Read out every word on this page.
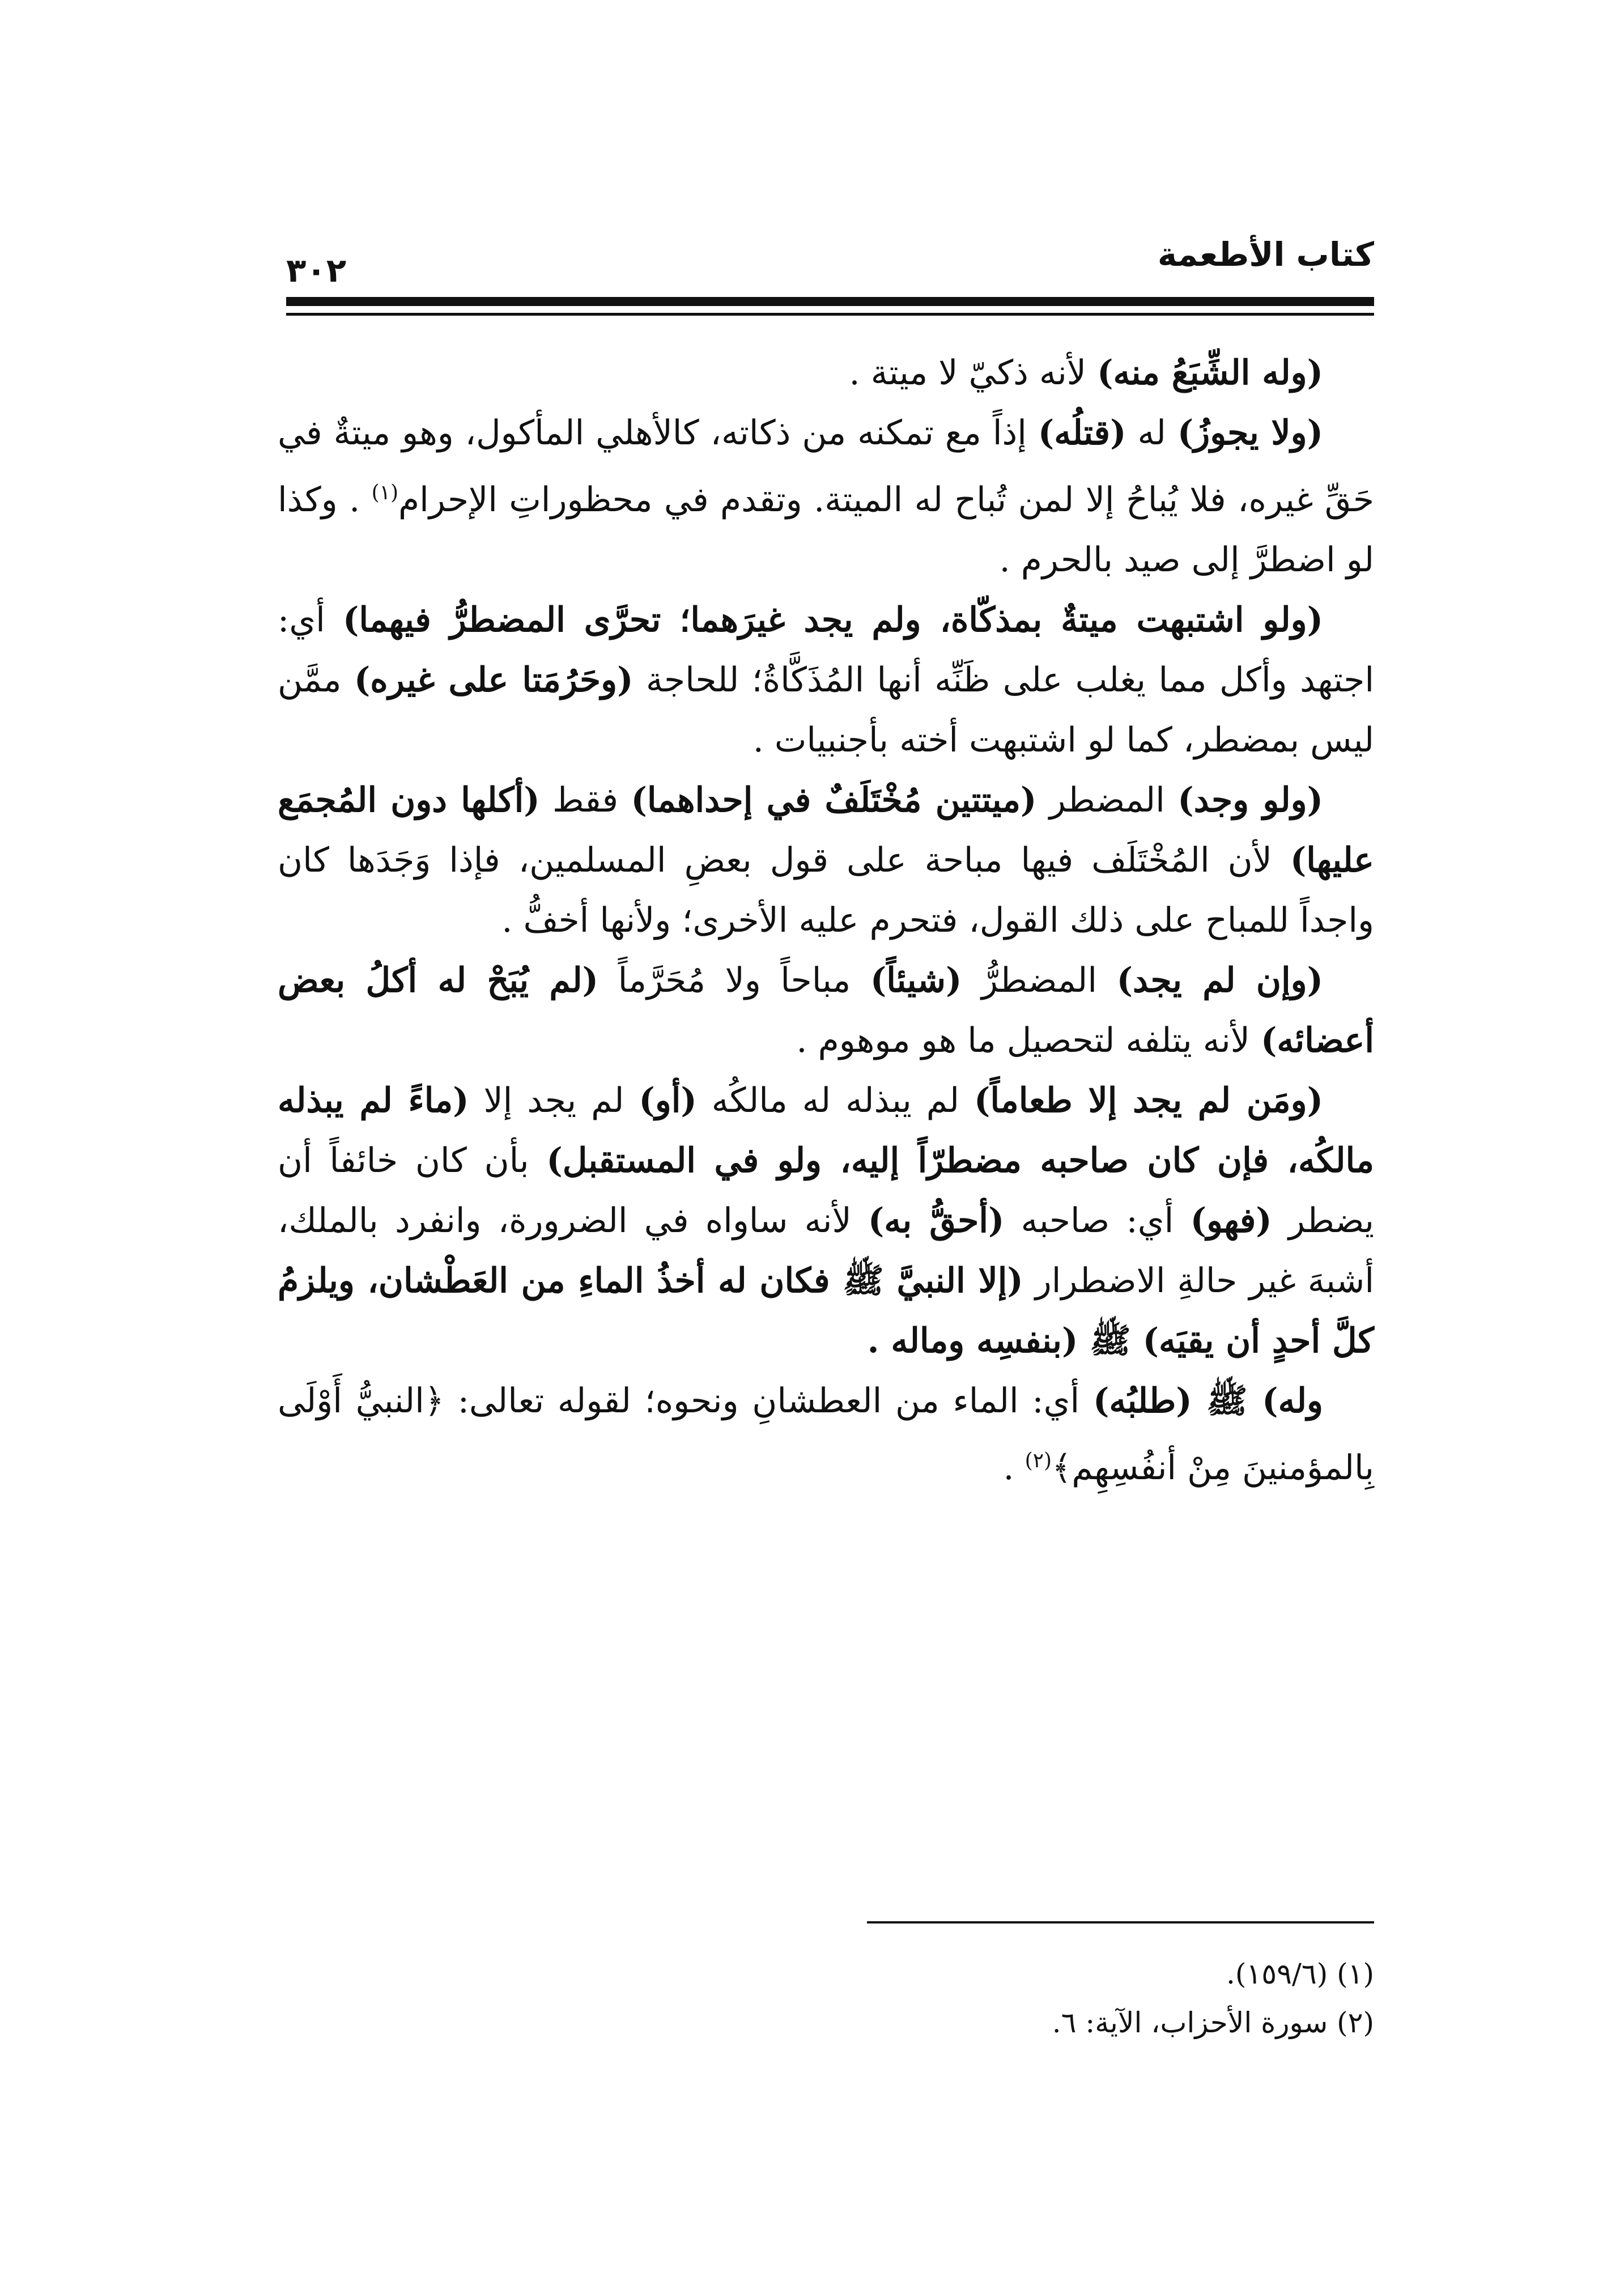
كتاب الأطعمة
٣٠٢

(وله الشِّبَعُ منه) لأنه ذكيّ لا ميتة .

(ولا يجوزُ) له (قتلُه) إذاً مع تمكنه من ذكاته، كالأهلي المأكول، وهو ميتةٌ في حَقِّ غيره، فلا يُباحُ إلا لمن تُباح له الميتة. وتقدم في محظوراتِ الإحرام$^{(١)}$ . وكذا لو اضطرَّ إلى صيد بالحرم .

(ولو اشتبهت ميتةٌ بمذكّاة، ولم يجد غيرَهما؛ تحرَّى المضطرُّ فيهما) أي: اجتهد وأكل مما يغلب على ظَنِّه أنها المُذَكَّاةُ؛ للحاجة (وحَرُمَتا على غيره) ممَّن ليس بمضطر، كما لو اشتبهت أخته بأجنبيات .

(ولو وجد) المضطر (ميتتين مُخْتَلَفٌ في إحداهما) فقط (أكلها دون المُجمَع عليها) لأن المُخْتَلَف فيها مباحة على قول بعضِ المسلمين، فإذا وَجَدَها كان واجداً للمباح على ذلك القول، فتحرم عليه الأخرى؛ ولأنها أخفُّ .

(وإن لم يجد) المضطرُّ (شيئاً) مباحاً ولا مُحَرَّماً (لم يُبَحْ له أكلُ بعض أعضائه) لأنه يتلفه لتحصيل ما هو موهوم .

(ومَن لم يجد إلا طعاماً) لم يبذله له مالكُه (أو) لم يجد إلا (ماءً لم يبذله مالكُه، فإن كان صاحبه مضطرّاً إليه، ولو في المستقبل) بأن كان خائفاً أن يضطر (فهو) أي: صاحبه (أحقُّ به) لأنه ساواه في الضرورة، وانفرد بالملك، أشبهَ غير حالةِ الاضطرار (إلا النبيَّ ﷺ فكان له أخذُ الماءِ من العَطْشان، ويلزمُ كلَّ أحدٍ أن يقيَه) ﷺ (بنفسِه وماله .

وله) ﷺ (طلبُه) أي: الماء من العطشانِ ونحوه؛ لقوله تعالى: ﴿النبيُّ أَوْلَى بِالمؤمنينَ مِنْ أنفُسِهِم﴾$^{(٢)}$ .

(١) (١٥٩/٦).

(٢) سورة الأحزاب، الآية: ٦.
